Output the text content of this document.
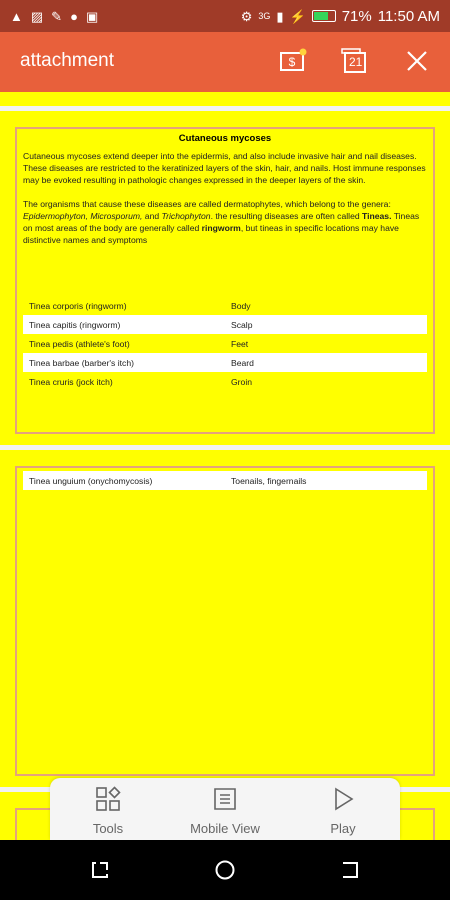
▲ ▨ ✎ ● ▣	⚙ 3G ▮ ⚡ 71% 11:50 AM
attachment	$	21
Cutaneous mycoses

Cutaneous mycoses extend deeper into the epidermis, and also include invasive hair and nail diseases. These diseases are restricted to the keratinized layers of the skin, hair, and nails. Host immune responses may be evoked resulting in pathologic changes expressed in the deeper layers of the skin.

The organisms that cause these diseases are called dermatophytes, which belong to the genera: Epidermophyton, Microsporum, and Trichophyton. the resulting diseases are often called Tineas. Tineas on most areas of the body are generally called ringworm, but tineas in specific locations may have distinctive names and symptoms

Tinea corporis (ringworm)	Body
Tinea capitis (ringworm)	Scalp
Tinea pedis (athlete's foot)	Feet
Tinea barbae (barber's itch)	Beard
Tinea cruris (jock itch)	Groin
Tinea unguium (onychomycosis)	Toenails, fingernails
Tools	Mobile View	Play
